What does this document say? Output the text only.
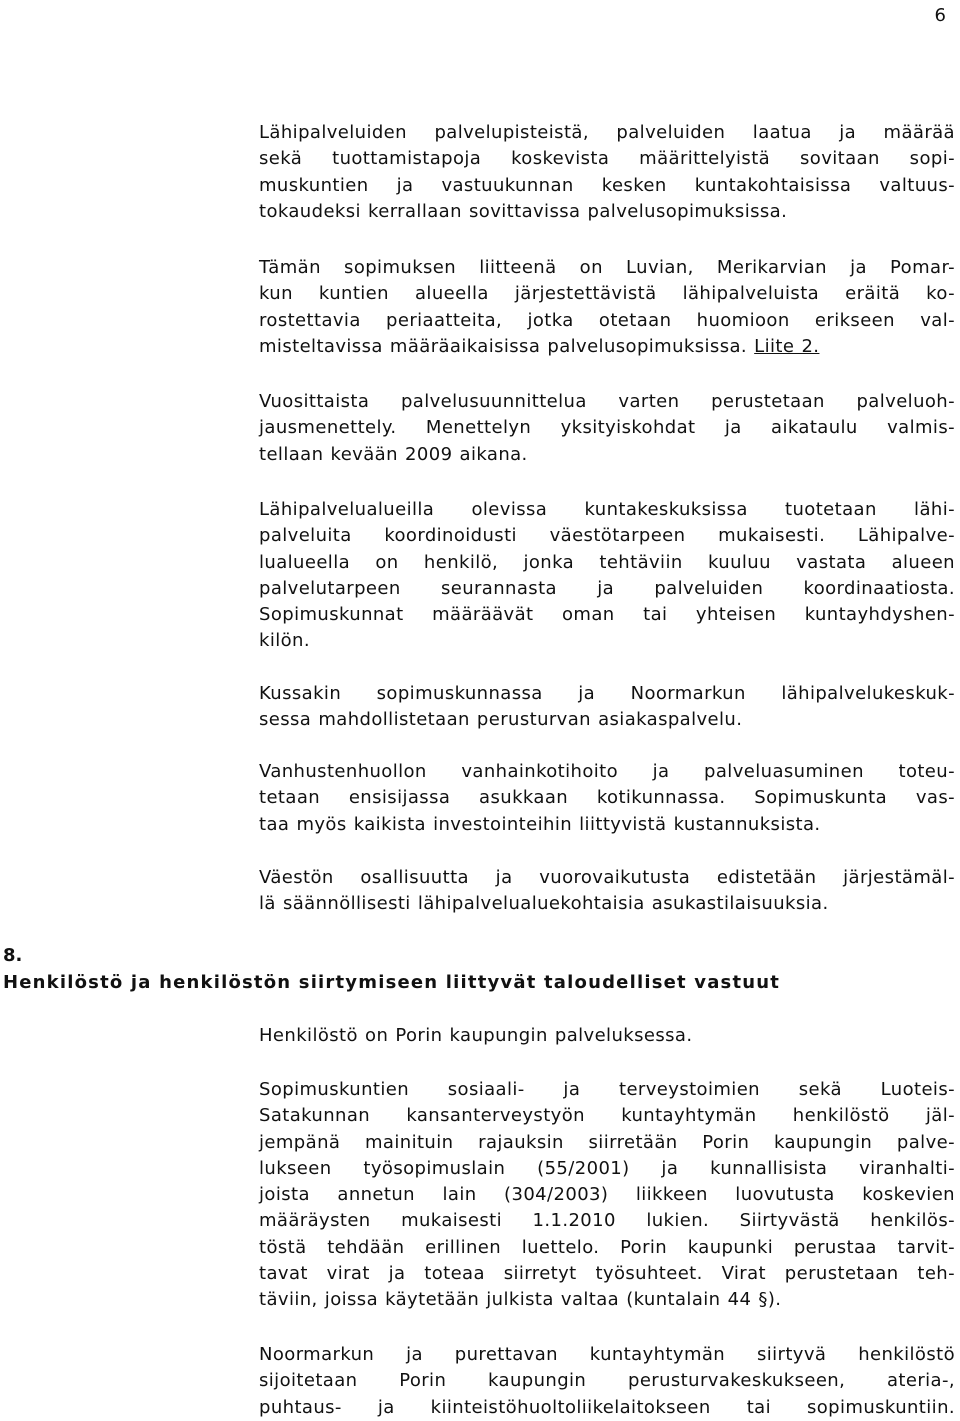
6
Lähipalveluiden palvelupisteistä, palveluiden laatua ja määrää
sekä tuottamistapoja koskevista määrittelyistä sovitaan sopi-
muskuntien ja vastuukunnan kesken kuntakohtaisissa valtuus-
tokaudeksi kerrallaan sovittavissa palvelusopimuksissa.
Tämän sopimuksen liitteenä on Luvian, Merikarvian ja Pomar-
kun kuntien alueella järjestettävistä lähipalveluista eräitä ko-
rostettavia periaatteita, jotka otetaan huomioon erikseen val-
misteltavissa määräaikaisissa palvelusopimuksissa. Liite 2.
Vuosittaista palvelusuunnittelua varten perustetaan palveluoh-
jausmenettely. Menettelyn yksityiskohdat ja aikataulu valmis-
tellaan kevään 2009 aikana.
Lähipalvelualueilla olevissa kuntakeskuksissa tuotetaan lähi-
palveluita koordinoidusti väestötarpeen mukaisesti. Lähipalve-
lualueella on henkilö, jonka tehtäviin kuuluu vastata alueen
palvelutarpeen seurannasta ja palveluiden koordinaatiosta.
Sopimuskunnat määräävät oman tai yhteisen kuntayhdyshen-
kilön.
Kussakin sopimuskunnassa ja Noormarkun lähipalvelukeskuk-
sessa mahdollistetaan perusturvan asiakaspalvelu.
Vanhustenhuollon vanhainkotihoito ja palveluasuminen toteu-
tetaan ensisijassa asukkaan kotikunnassa. Sopimuskunta vas-
taa myös kaikista investointeihin liittyvistä kustannuksista.
Väestön osallisuutta ja vuorovaikutusta edistetään järjestämäl-
lä säännöllisesti lähipalvelualuekohtaisia asukastilaisuuksia.
8.
Henkilöstö ja henkilöstön siirtymiseen liittyvät taloudelliset vastuut
Henkilöstö on Porin kaupungin palveluksessa.
Sopimuskuntien sosiaali- ja terveystoimien sekä Luoteis-
Satakunnan kansanterveystyön kuntayhtymän henkilöstö jäl-
jempänä mainituin rajauksin siirretään Porin kaupungin palve-
lukseen työsopimuslain (55/2001) ja kunnallisista viranhalti-
joista annetun lain (304/2003) liikkeen luovutusta koskevien
määräysten mukaisesti 1.1.2010 lukien. Siirtyvästä henkilös-
töstä tehdään erillinen luettelo. Porin kaupunki perustaa tarvit-
tavat virat ja toteaa siirretyt työsuhteet. Virat perustetaan teh-
täviin, joissa käytetään julkista valtaa (kuntalain 44 §).
Noormarkun ja purettavan kuntayhtymän siirtyvä henkilöstö
sijoitetaan Porin kaupungin perusturvakeskukseen, ateria-,
puhtaus- ja kiinteistöhuoltoliikelaitokseen tai sopimuskuntiin.
